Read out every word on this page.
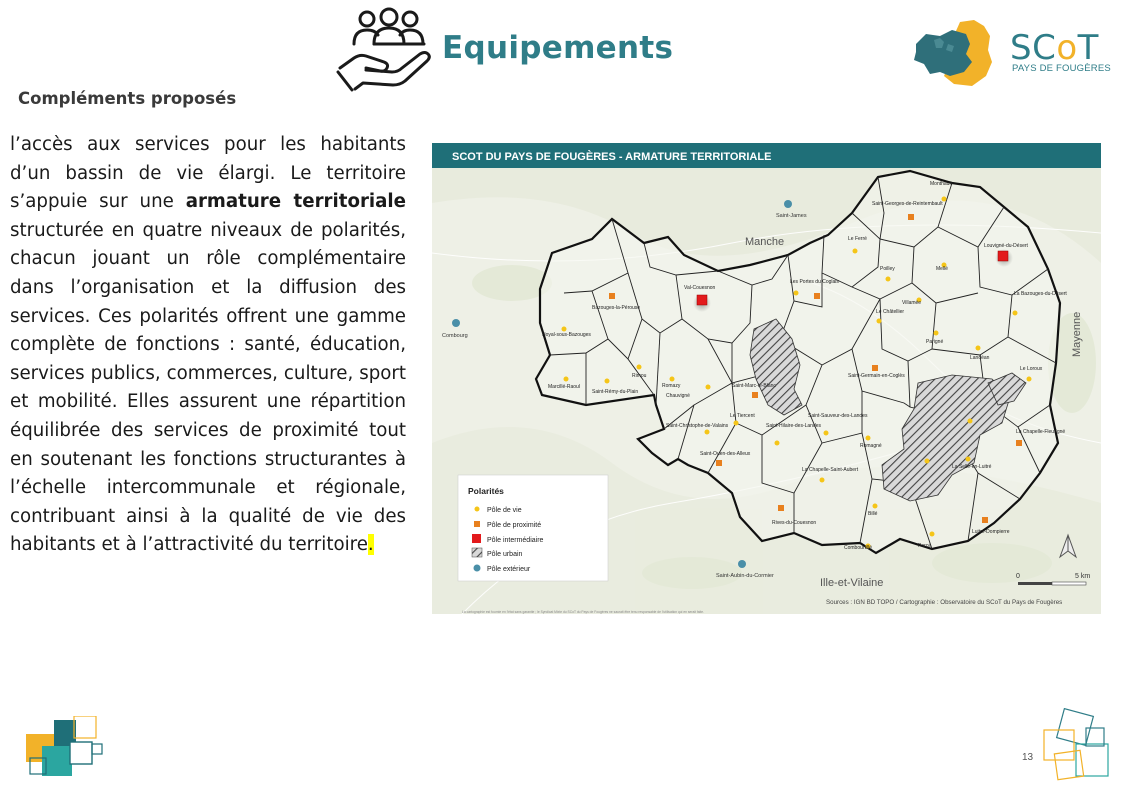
Equipements	SCoT
PAYS DE FOUGÈRES
Compléments proposés
l’accès aux services pour les habitants d’un bassin de vie élargi. Le territoire s’appuie sur une armature territoriale structurée en quatre niveaux de polarités, chacun jouant un rôle complémentaire dans l’organisation et la diffusion des services. Ces polarités offrent une gamme complète de fonctions : santé, éducation, services publics, commerces, culture, sport et mobilité. Elles assurent une répartition équilibrée des services de proximité tout en soutenant les fonctions structurantes à l’échelle intercommunale et régionale, contribuant ainsi à la qualité de vie des habitants et à l’attractivité du territoire.
SCOT DU PAYS DE FOUGÈRES - ARMATURE TERRITORIALE
Manche
Mayenne
Ille-et-Vilaine
Saint-James
Combourg
Saint-Aubin-du-Cormier
Saint-Georges-de-Reintembault
Monthault
Le Ferré
Louvigné-du-Désert
Poilley	Mellé
La Bazouges-du-Désert
Val-Couesnon
Les Portes du Coglais
Bazouges-la-Pérouse
Villamée
Le Châtellier
Noyal-sous-Bazouges
Parigné
Landéan
Le Loroux
Marcillé-Raoul
Saint-Rémy-du-Plain
Rimou
Romazy
Chauvigné
Saint-Marc-le-Blanc
Saint-Germain-en-Coglès
Le Tiercent
Saint-Christophe-de-Valains	Saint-Hilaire-des-Landes
Saint-Sauveur-des-Landes
Romagné
La Chapelle-Fleurigné
Saint-Ouen-des-Alleux
La Chapelle-Saint-Aubert	La Selle-en-Luitré
Billé
Rives-du-Couesnon
Luitré-Dompierre
Combourtillé	Parcé
Polarités
Pôle de vie
Pôle de proximité
Pôle intermédiaire
Pôle urbain
Pôle extérieur
0	5 km
Sources : IGN BD TOPO / Cartographie : Observatoire du SCoT du Pays de Fougères
La cartographie est fournie en l’état sans garantie ; le Syndicat Mixte du SCoT du Pays de Fougères ne saurait être tenu responsable de l’utilisation qui en serait faite.
13
